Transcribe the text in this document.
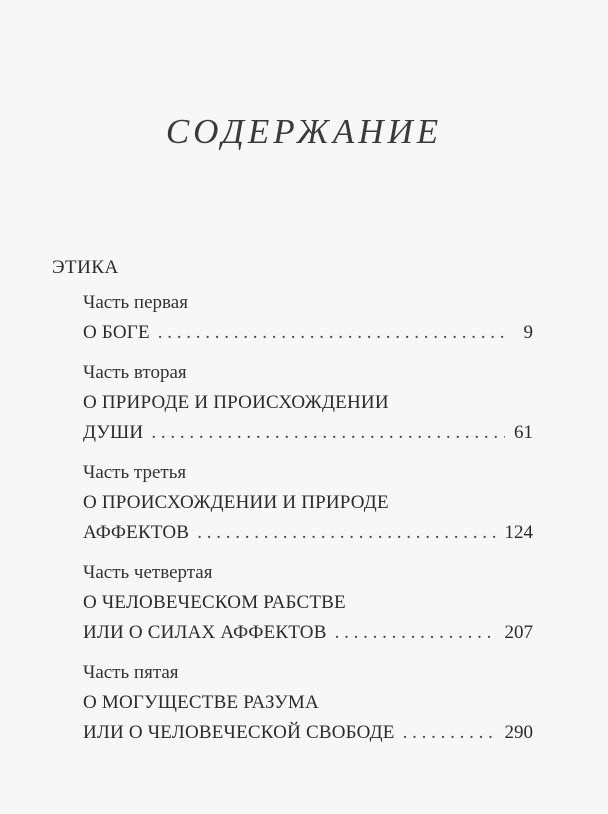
СОДЕРЖАНИЕ
ЭТИКА
Часть первая
О БОГЕ . . .	9
Часть вторая
О ПРИРОДЕ И ПРОИСХОЖДЕНИИ
ДУШИ . . .	61
Часть третья
О ПРОИСХОЖДЕНИИ И ПРИРОДЕ
АФФЕКТОВ . . .	124
Часть четвертая
О ЧЕЛОВЕЧЕСКОМ РАБСТВЕ
ИЛИ О СИЛАХ АФФЕКТОВ . . .	207
Часть пятая
О МОГУЩЕСТВЕ РАЗУМА
ИЛИ О ЧЕЛОВЕЧЕСКОЙ СВОБОДЕ . . .	290
